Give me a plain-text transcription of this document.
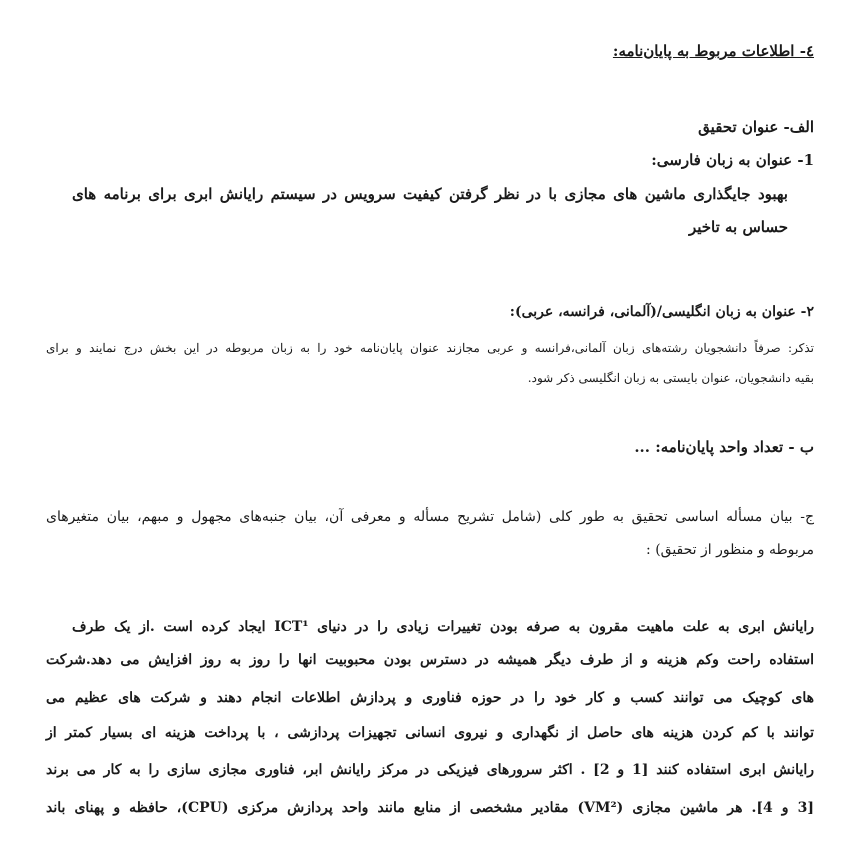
٤- اطلاعات مربوط به پایان‌نامه:
الف- عنوان تحقیق
1- عنوان به زبان فارسی:
بهبود جایگذاری ماشین های مجازی با در نظر گرفتن کیفیت سرویس در سیستم رایانش ابری برای برنامه های
حساس به تاخیر
۲- عنوان به زبان انگلیسی/(آلمانی، فرانسه، عربی):
تذکر: صرفاً دانشجویان رشته‌های زبان آلمانی،فرانسه و عربی مجازند عنوان پایان‌نامه خود را به زبان مربوطه در این بخش درج نمایند و برای
بقیه دانشجویان، عنوان بایستی به زبان انگلیسی ذکر شود.
ب - تعداد واحد پایان‌نامه: ...
ج- بیان مسأله اساسی تحقیق به طور کلی (شامل تشریح مسأله و معرفی آن، بیان جنبه‌های مجهول و مبهم، بیان متغیرهای
مربوطه و منظور از تحقیق) :
رایانش ابری به علت ماهیت مقرون به صرفه بودن تغییرات زیادی را در دنیای ICT¹ ایجاد کرده است .از یک طرف
استفاده راحت وکم هزینه و از طرف دیگر همیشه در دسترس بودن محبوبیت انها را روز به روز افزایش می دهد.شرکت
های کوچیک می توانند کسب و کار خود را در حوزه فناوری و پردازش اطلاعات انجام دهند و شرکت های عظیم می
توانند با کم کردن هزینه های حاصل از نگهداری و نیروی انسانی تجهیزات پردازشی ، با پرداخت هزینه ای بسیار کمتر از
رایانش ابری استفاده کنند [1 و 2] . اکثر سرورهای فیزیکی در مرکز رایانش ابر، فناوری مجازی سازی را به کار می برند
[3 و 4]. هر ماشین مجازی (VM²) مقادیر مشخصی از منابع مانند واحد پردازش مرکزی (CPU)، حافظه و پهنای باند
